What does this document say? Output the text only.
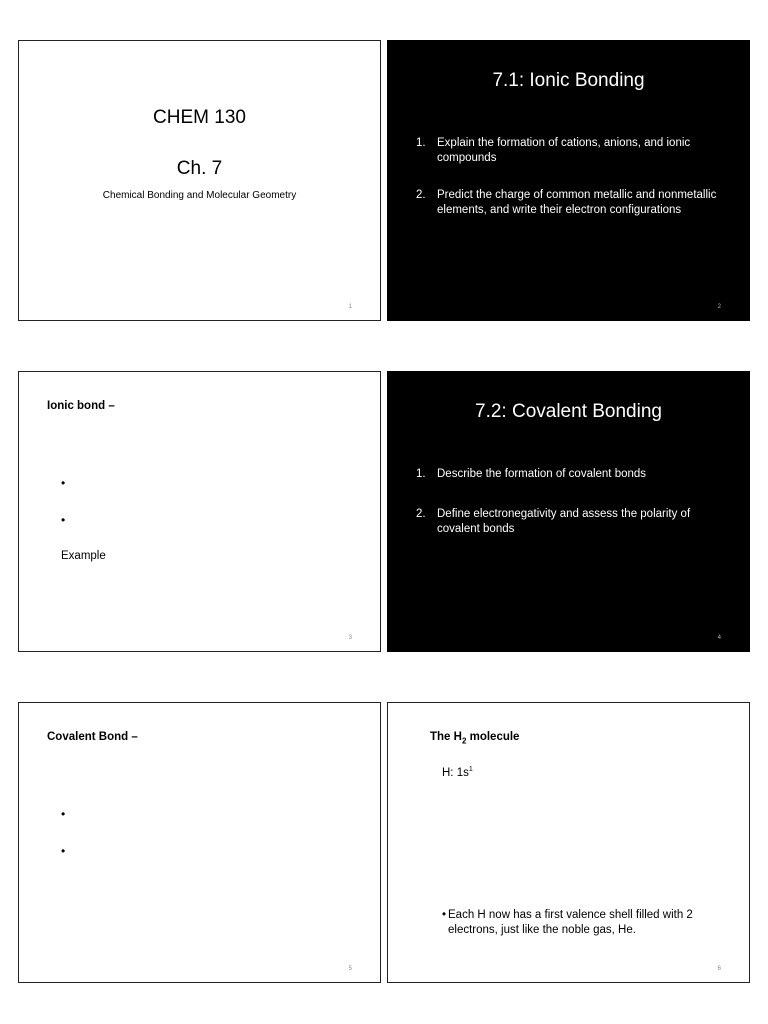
CHEM 130
Ch. 7
Chemical Bonding and Molecular Geometry
1
7.1: Ionic Bonding
1. Explain the formation of cations, anions, and ionic compounds
2. Predict the charge of common metallic and nonmetallic elements, and write their electron configurations
2
Ionic bond –
•
•
Example
3
7.2: Covalent Bonding
1. Describe the formation of covalent bonds
2. Define electronegativity and assess the polarity of covalent bonds
4
Covalent Bond –
•
•
5
The $H_2$ molecule
H: $1s^1$
• Each H now has a first valence shell filled with 2 electrons, just like the noble gas, He.
6
